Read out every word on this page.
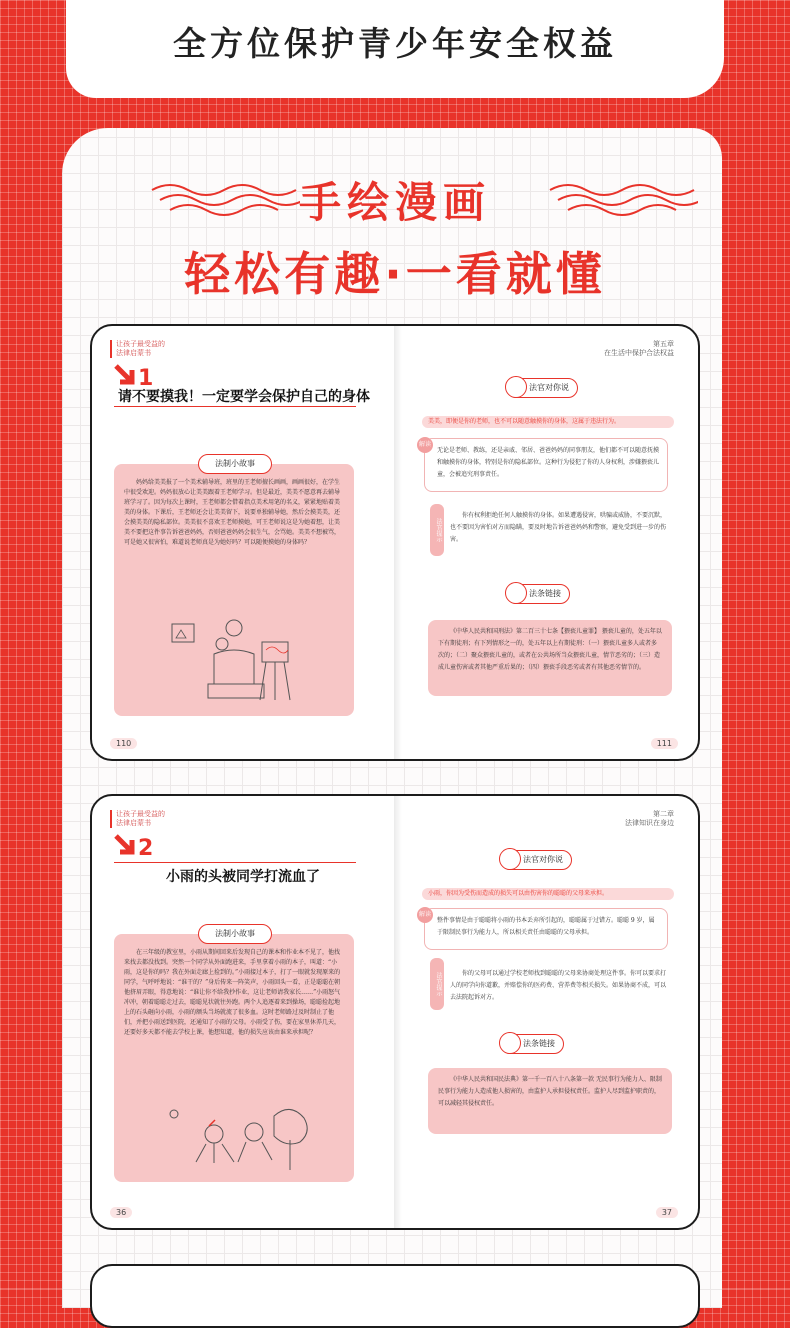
全方位保护青少年安全权益
手绘漫画
轻松有趣·一看就懂
让孩子最受益的
法律启蒙书
第五章
在生活中保护合法权益
1
请不要摸我！一定要学会保护自己的身体
法制小故事
妈妈给美美报了一个美术辅导班，班里的王老师擅长画画，画画很好，在学生中很受欢迎。妈妈很放心让美美跟着王老师学习。但是最近，美美不愿意再去辅导班学习了。因为每次上课时，王老师都会借着指点美术用笔的名义，紧紧地贴着美美的身体。下课后，王老师还会让美美留下，说要单独辅导她，然后会摸美美，还会摸美美的隐私部位。美美很不喜欢王老师摸她，可王老师说这是为她着想，让美美不要把这件事告诉爸爸妈妈，否则爸爸妈妈会很生气，会骂她。美美不想被骂，可是她又很害怕，难道说老师真是为她好吗？可以随便摸她的身体吗？
110	111
法官对你说
美美，即便是你的老师，也不可以随意触摸你的身体，这属于违法行为。
解读
无论是老师、教练，还是亲戚、邻居、爸爸妈妈的同事朋友，他们都不可以随意抚摸和触摸你的身体，特别是你的隐私部位。这种行为侵犯了你的人身权利，涉嫌猥亵儿童，会被追究刑事责任。
法官提示
你有权利拒绝任何人触摸你的身体。如果遭遇侵害，哄骗或威胁，不要沉默，也不要因为害怕对方而隐瞒，要及时地告诉爸爸妈妈和警察，避免受到进一步的伤害。
法条链接
《中华人民共和国刑法》第二百三十七条【猥亵儿童罪】 猥亵儿童的，处五年以下有期徒刑；有下列情形之一的，处五年以上有期徒刑：（一）猥亵儿童多人或者多次的；（二）聚众猥亵儿童的，或者在公共场所当众猥亵儿童，情节恶劣的；（三）造成儿童伤害或者其他严重后果的；（四）猥亵手段恶劣或者有其他恶劣情节的。
让孩子最受益的
法律启蒙书
第二章
法律知识在身边
2
小雨的头被同学打流血了
法制小故事
在三年级的教室里，小雨从期间回来后发现自己的课本和作业本不见了，他找来找去都没找到。突然一个同学从外面跑进来，手里拿着小雨的本子，叫道：“小雨，这是你的吗？我在外面走廊上捡到的。”小雨接过本子，打了一眼就发现原来的同学，气呼呼地说：“谁干的？”身后传来一阵笑声，小雨回头一看，正是聪聪在朝他挤眉弄眼，得意地说：“谁让你不给我抄作业，这让老师请我家长……”小雨怒气冲冲，朝着聪聪走过去，聪聪见状就往外跑。两个人追逐着来到操场，聪聪捡起地上的石头砸向小雨，小雨的额头当场就流了很多血。这时老师路过及时制止了他们，并把小雨送到医院，还通知了小雨的父母。小雨受了伤，要在家里休养几天，还要好多天都不能去学校上课，他想知道，他的损失应该由谁来承担呢？
36	37
法官对你说
小雨，你因为受伤而造成的损失可以由伤害你的聪聪的父母来承担。
解读
整件事情是由于聪聪将小雨的书本丢弃所引起的，聪聪属于过错方。聪聪 9 岁，属于限制民事行为能力人，所以相关责任由聪聪的父母承担。
法官提示	你的父母可以通过学校老师找到聪聪的父母来协商处理这件事。你可以要求打人的同学向你道歉，并赔偿你的医药费、营养费等相关损失。如果协商不成，可以去法院起诉对方。
法条链接
《中华人民共和国民法典》第一千一百八十八条第一款 无民事行为能力人、限制民事行为能力人造成他人损害的，由监护人承担侵权责任。监护人尽到监护职责的，可以减轻其侵权责任。
